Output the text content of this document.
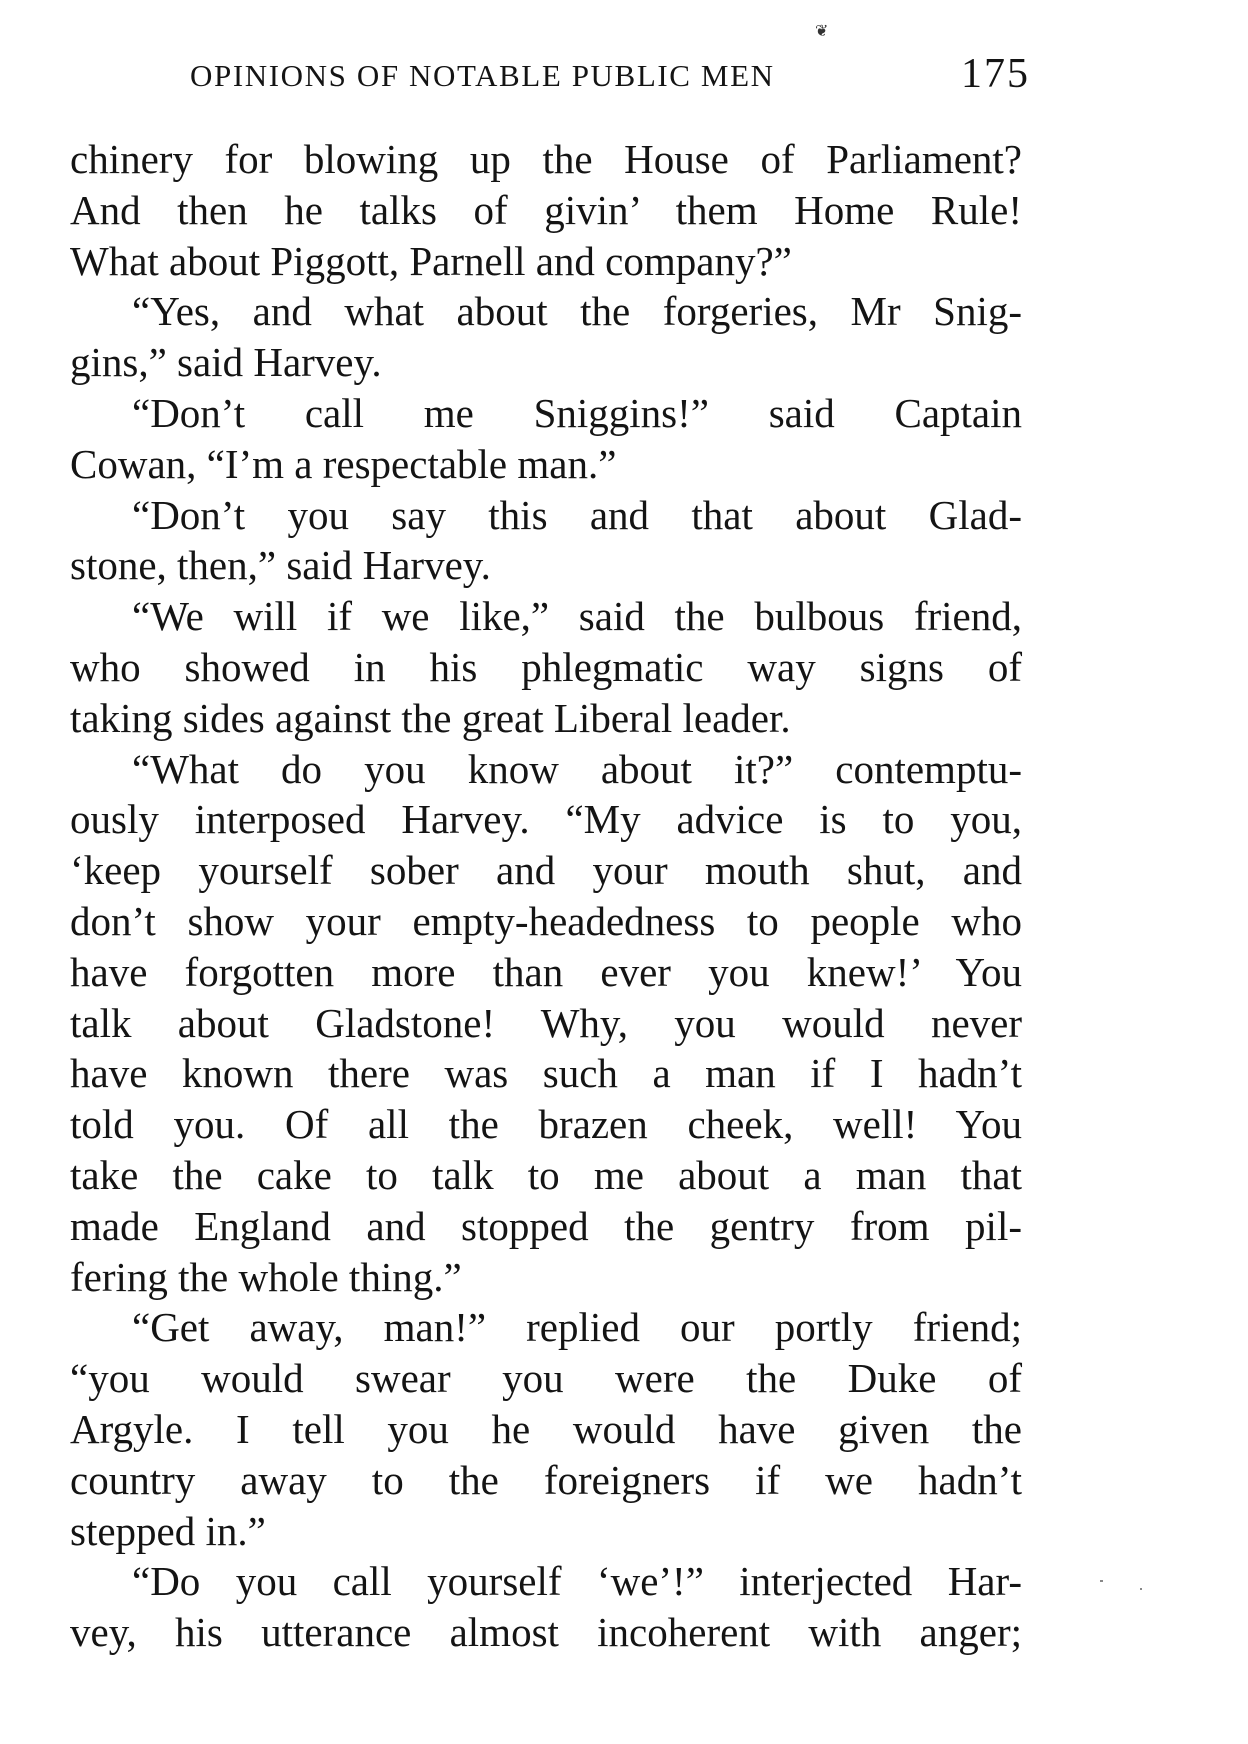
❦
OPINIONS OF NOTABLE PUBLIC MEN	175
chinery for blowing up the House of Parliament?
And then he talks of givin’ them Home Rule!
What about Piggott, Parnell and company?”
“Yes, and what about the forgeries, Mr Snig-
gins,” said Harvey.
“Don’t call me Sniggins!” said Captain
Cowan, “I’m a respectable man.”
“Don’t you say this and that about Glad-
stone, then,” said Harvey.
“We will if we like,” said the bulbous friend,
who showed in his phlegmatic way signs of
taking sides against the great Liberal leader.
“What do you know about it?” contemptu-
ously interposed Harvey. “My advice is to you,
‘keep yourself sober and your mouth shut, and
don’t show your empty-headedness to people who
have forgotten more than ever you knew!’ You
talk about Gladstone! Why, you would never
have known there was such a man if I hadn’t
told you. Of all the brazen cheek, well! You
take the cake to talk to me about a man that
made England and stopped the gentry from pil-
fering the whole thing.”
“Get away, man!” replied our portly friend;
“you would swear you were the Duke of
Argyle. I tell you he would have given the
country away to the foreigners if we hadn’t
stepped in.”
“Do you call yourself ‘we’!” interjected Har-
vey, his utterance almost incoherent with anger;
